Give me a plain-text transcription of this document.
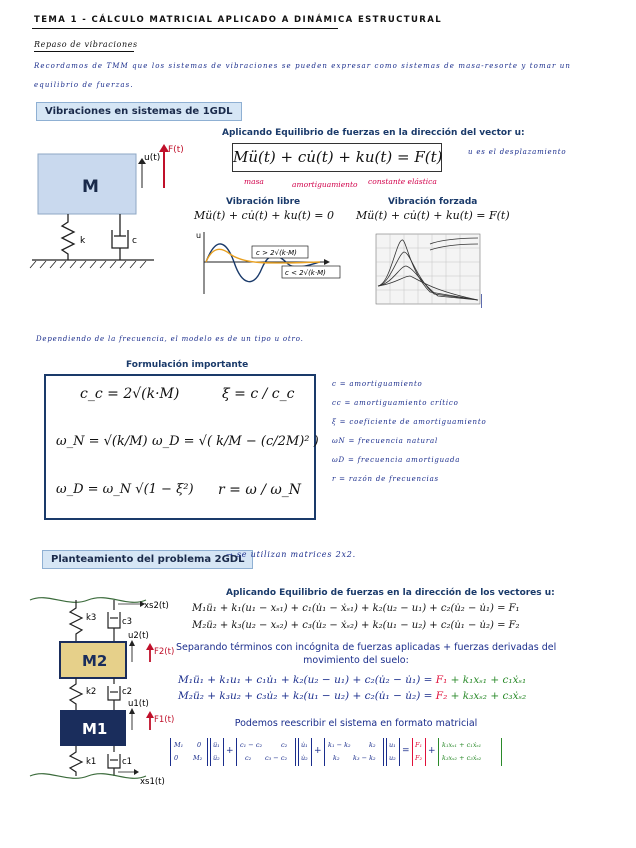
TEMA 1 - CÁLCULO MATRICIAL APLICADO A DINÁMICA ESTRUCTURAL
Repaso de vibraciones
Recordamos de TMM que los sistemas de vibraciones se pueden expresar como sistemas de masa-resorte y tomar un
equilibrio de fuerzas.
Vibraciones en sistemas de 1GDL
M
u(t)
F(t)
k	c
Aplicando Equilibrio de fuerzas en la dirección del vector u:
Mü(t) + cu̇(t) + ku(t) = F(t)	u es el desplazamiento
masa	amortiguamiento constante elástica
Vibración libre
Mü(t) + cu̇(t) + ku(t) = 0
Vibración forzada
Mü(t) + cu̇(t) + ku(t) = F(t)
u
c > 2√(k·M)
c < 2√(k·M)
Dependiendo de la frecuencia, el modelo es de un tipo u otro.
Formulación importante
c_c = 2√(k·M)	ξ = c / c_c
ω_N = √(k/M) ω_D = √( k/M − (c/2M)² )
ω_D = ω_N √(1 − ξ²) r = ω / ω_N
c = amortiguamiento
cc = amortiguamiento crítico
ξ = coeficiente de amortiguamiento
ωN = frecuencia natural
ωD = frecuencia amortiguada
r = razón de frecuencias
Planteamiento del problema 2GDL
→ se utilizan matrices 2x2.
xs2(t)
k3	c3
M2
u2(t)
F2(t)
k2	c2
M1
u1(t)
F1(t)
k1	c1
xs1(t)
Aplicando Equilibrio de fuerzas en la dirección de los vectores u:
M₁ü₁ + k₁(u₁ − xₛ₁) + c₁(u̇₁ − ẋₛ₁) + k₂(u₂ − u₁) + c₂(u̇₂ − u̇₁) = F₁
M₂ü₂ + k₃(u₂ − xₛ₂) + c₃(u̇₂ − ẋₛ₂) + k₂(u₁ − u₂) + c₂(u̇₁ − u̇₂) = F₂
Separando términos con incógnita de fuerzas aplicadas + fuerzas derivadas del
movimiento del suelo:
M₁ü₁ + k₁u₁ + c₁u̇₁ + k₂(u₂ − u₁) + c₂(u̇₂ − u̇₁) = F₁ + k₁xₛ₁ + c₁ẋₛ₁
M₂ü₂ + k₃u₂ + c₃u̇₂ + k₂(u₁ − u₂) + c₂(u̇₁ − u̇₂) = F₂ + k₃xₛ₂ + c₃ẋₛ₂
Podemos reescribir el sistema en formato matricial
M₁ 0
0 M₂
ü₁
ü₂
+
c₁ − c₂	c₂
c₂ c₃ − c₂
u̇₁
u̇₂
+
k₁ − k₂	k₂
k₂ k₃ − k₂
u₁
u₂
=
F₁
F₂
+
k₁xₛ₁ + c₁ẋₛ₁
k₃xₛ₂ + c₃ẋₛ₂
